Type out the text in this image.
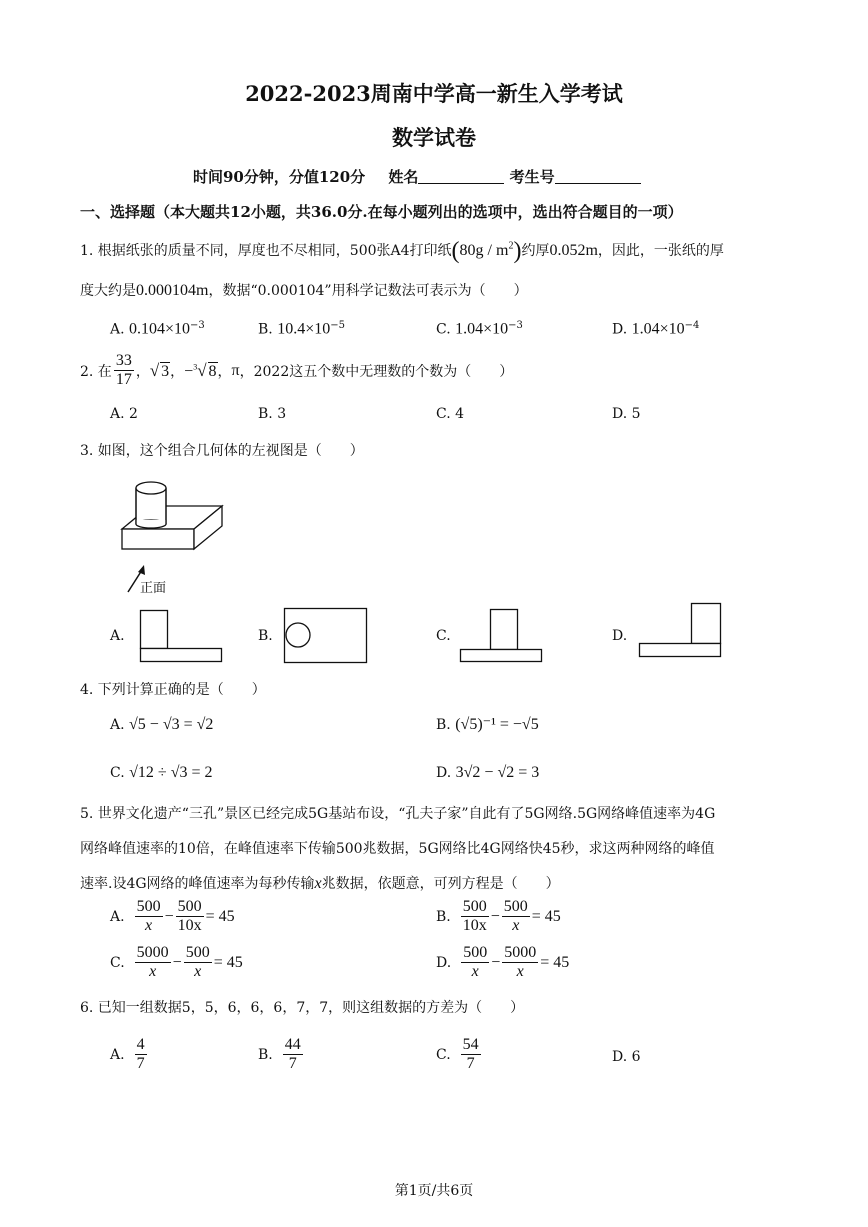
2022-2023周南中学高一新生入学考试
数学试卷
时间90分钟，分值120分 姓名	考生号
一、选择题（本大题共12小题，共36.0分.在每小题列出的选项中，选出符合题目的一项）
1. 根据纸张的质量不同，厚度也不尽相同，500张A4打印纸$(80g / m^2)$约厚0.052m，因此，一张纸的厚
度大约是0.000104m，数据“0.000104”用科学记数法可表示为（　　）
A. $0.104\times 10^{-3}$	B. $10.4\times 10^{-5}$	C. $1.04\times 10^{-3}$	D. $1.04\times 10^{-4}$
2. 在 $\frac{33}{17}$ ， √ 3 ， −$^3$√ 8 ， π ，2022这五个数中无理数的个数为（　　）
A. 2	B. 3	C. 4	D. 5
3. 如图，这个组合几何体的左视图是（　　）
正面
A.	B.	C.	D.
4. 下列计算正确的是（　　）
A. √5 − √3 = √2	B. (√5)⁻¹ = −√5
C. √12 ÷ √3 = 2	D. 3√2 − √2 = 3
5. 世界文化遗产“三孔”景区已经完成5G基站布设，“孔夫子家”自此有了5G网络.5G网络峰值速率为4G
网络峰值速率的10倍，在峰值速率下传输500兆数据，5G网络比4G网络快45秒，求这两种网络的峰值
速率.设4G网络的峰值速率为每秒传输x兆数据，依题意，可列方程是（　　）
A. $\frac{500}{x} - \frac{500}{10x} = 45$	B. $\frac{500}{10x} - \frac{500}{x} = 45$
C. $\frac{5000}{x} - \frac{500}{x} = 45$	D. $\frac{500}{x} - \frac{5000}{x} = 45$
6. 已知一组数据5，5，6，6，6，7，7，则这组数据的方差为（　　）
A. $\frac{4}{7}$	B. $\frac{44}{7}$	C. $\frac{54}{7}$	D. 6
第1页/共6页
